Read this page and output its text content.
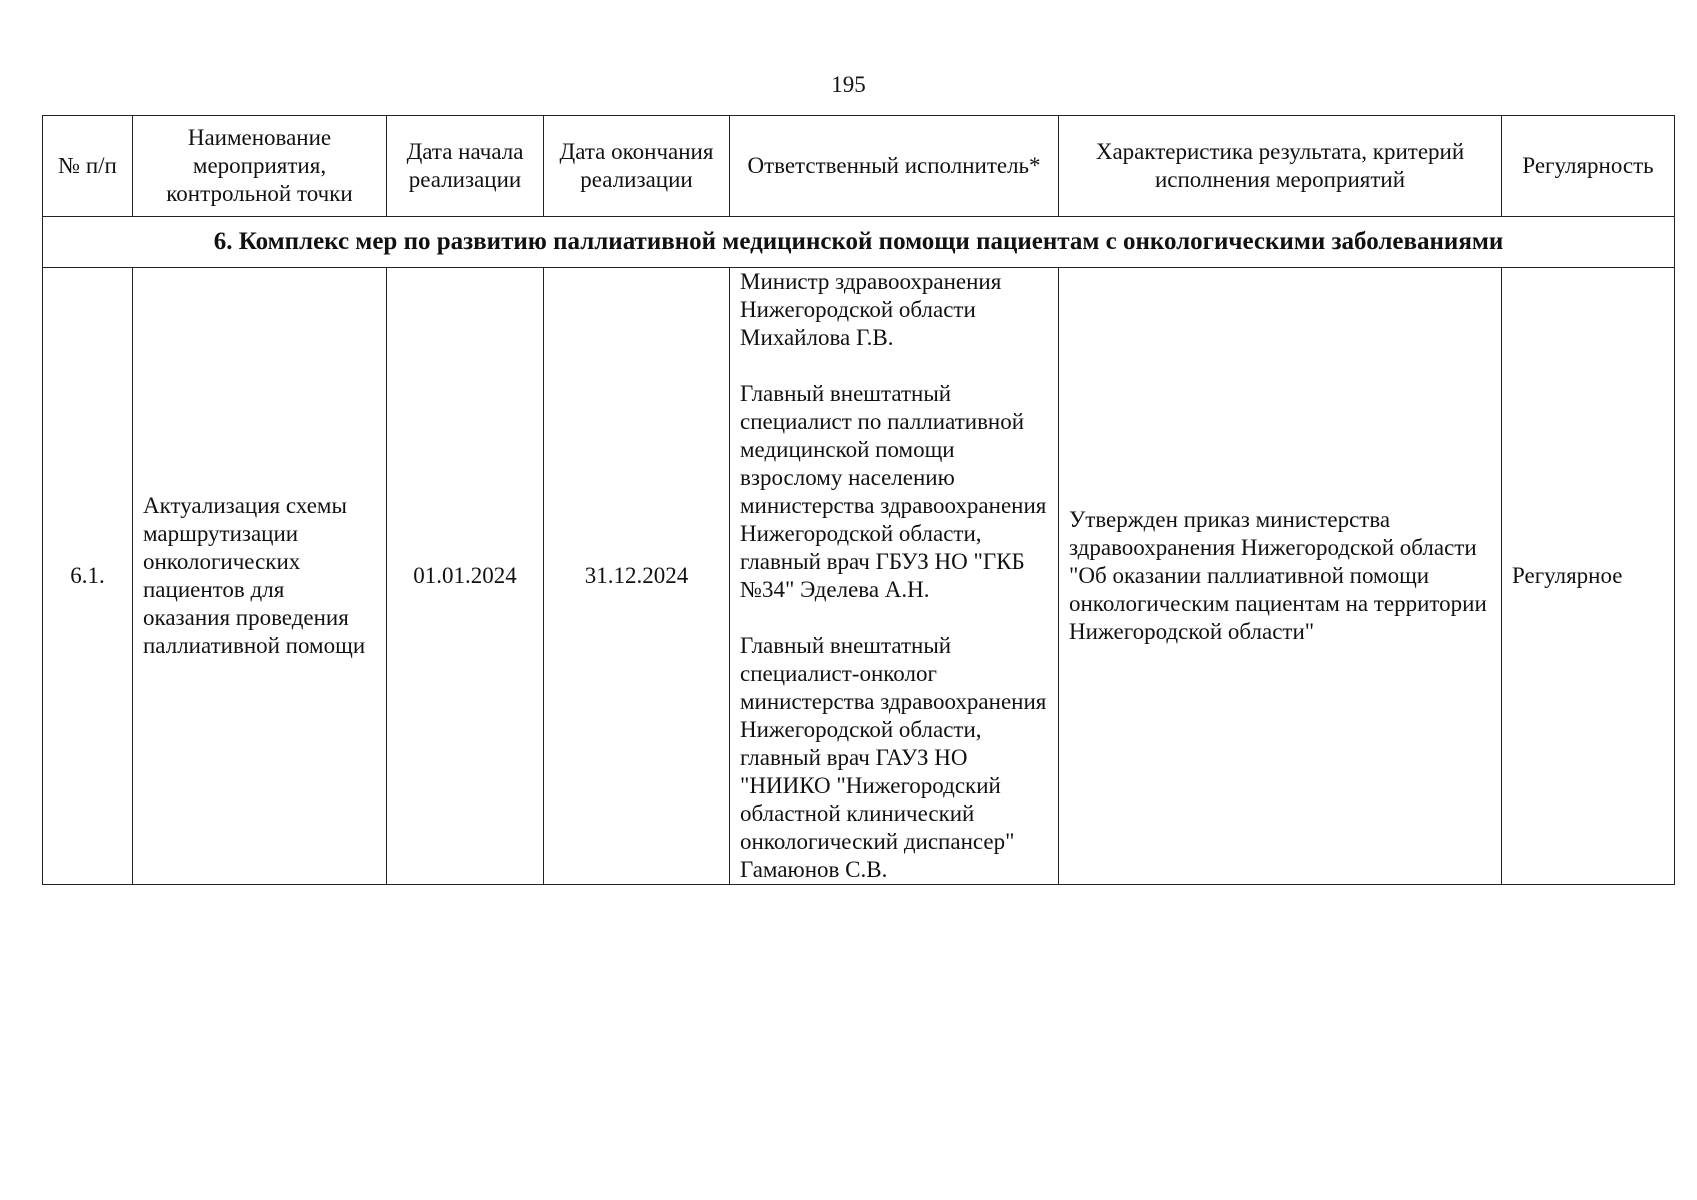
195
№ п/п	Наименование мероприятия, контрольной точки	Дата начала реализации	Дата окончания реализации	Ответственный исполнитель*	Характеристика результата, критерий исполнения мероприятий	Регулярность
6. Комплекс мер по развитию паллиативной медицинской помощи пациентам с онкологическими заболеваниями						
6.1.	Актуализация схемы маршрутизации онкологических пациентов для оказания проведения паллиативной помощи	01.01.2024	31.12.2024	Министр здравоохранения Нижегородской области Михайлова Г.В.
Главный внештатный специалист по паллиативной медицинской помощи взрослому населению министерства здравоохранения Нижегородской области, главный врач ГБУЗ НО "ГКБ №34" Эделева А.Н.
Главный внештатный специалист-онколог министерства здравоохранения Нижегородской области, главный врач ГАУЗ НО "НИИКО "Нижегородский областной клинический онкологический диспансер" Гамаюнов С.В.	Утвержден приказ министерства здравоохранения Нижегородской области "Об оказании паллиативной помощи онкологическим пациентам на территории Нижегородской области"	Регулярное
